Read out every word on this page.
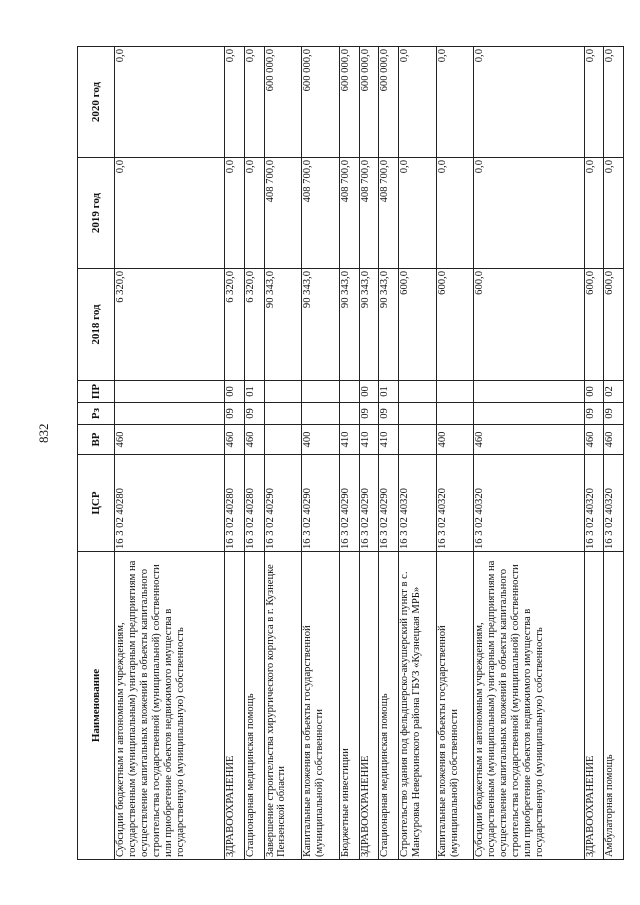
832
Наименование	ЦСР	ВР	Рз	ПР	2018 год	2019 год	2020 год
Субсидии бюджетным и автономным учреждениям, государственным (муниципальным) унитарным предприятиям на осуществление капитальных вложений в объекты капитального строительства государственной (муниципальной) собственности или приобретение объектов недвижимого имущества в государственную (муниципальную) собственность	16 3 02 40280	460			6 320,0	0,0	0,0
ЗДРАВООХРАНЕНИЕ	16 3 02 40280	460	09	00	6 320,0	0,0	0,0
Стационарная медицинская помощь	16 3 02 40280	460	09	01	6 320,0	0,0	0,0
Завершение строительства хирургического корпуса в г. Кузнецке Пензенской области	16 3 02 40290				90 343,0	408 700,0	600 000,0
Капитальные вложения в объекты государственной (муниципальной) собственности	16 3 02 40290	400			90 343,0	408 700,0	600 000,0
Бюджетные инвестиции	16 3 02 40290	410			90 343,0	408 700,0	600 000,0
ЗДРАВООХРАНЕНИЕ	16 3 02 40290	410	09	00	90 343,0	408 700,0	600 000,0
Стационарная медицинская помощь	16 3 02 40290	410	09	01	90 343,0	408 700,0	600 000,0
Строительство здания под фельдшерско-акушерский пункт в с. Мансуровка Неверкинского района ГБУЗ «Кузнецкая МРБ»	16 3 02 40320				600,0	0,0	0,0
Капитальные вложения в объекты государственной (муниципальной) собственности	16 3 02 40320	400			600,0	0,0	0,0
Субсидии бюджетным и автономным учреждениям, государственным (муниципальным) унитарным предприятиям на осуществление капитальных вложений в объекты капитального строительства государственной (муниципальной) собственности или приобретение объектов недвижимого имущества в государственную (муниципальную) собственность	16 3 02 40320	460			600,0	0,0	0,0
ЗДРАВООХРАНЕНИЕ	16 3 02 40320	460	09	00	600,0	0,0	0,0
Амбулаторная помощь	16 3 02 40320	460	09	02	600,0	0,0	0,0
